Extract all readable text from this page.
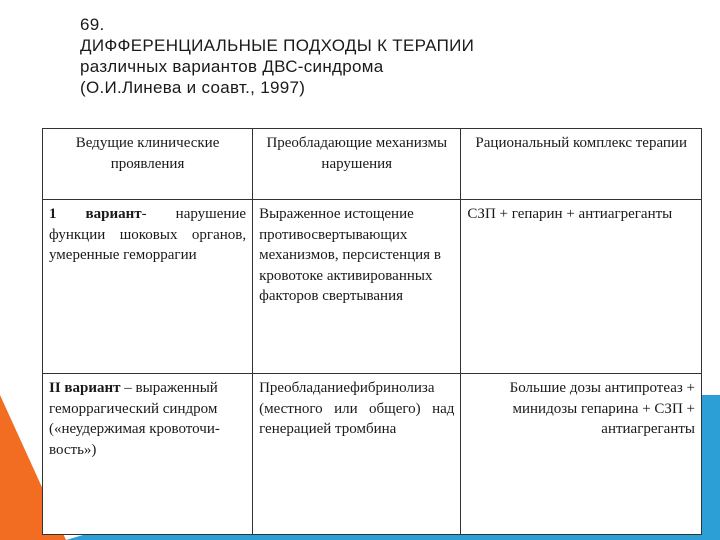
69.
ДИФФЕРЕНЦИАЛЬНЫЕ ПОДХОДЫ К ТЕРАПИИ
различных вариантов ДВС-синдрома
(О.И.Линева и соавт., 1997)
Ведущие клинические проявления	Преобладающие механизмы нарушения	Рациональный комплекс терапии
1 вариант- нарушение функции шоковых органов, умеренные геморрагии	Выраженное истощение противосвертывающих механизмов, персистенция в кровотоке активированных факторов свертывания	СЗП + гепарин + антиагреганты
II вариант – выраженный геморрагический синдром («неудержимая кровоточи-вость»)	Преобладаниефибринолиза (местного или общего) над генерацией тромбина	Большие дозы антипротеаз + минидозы гепарина + СЗП + антиагреганты
